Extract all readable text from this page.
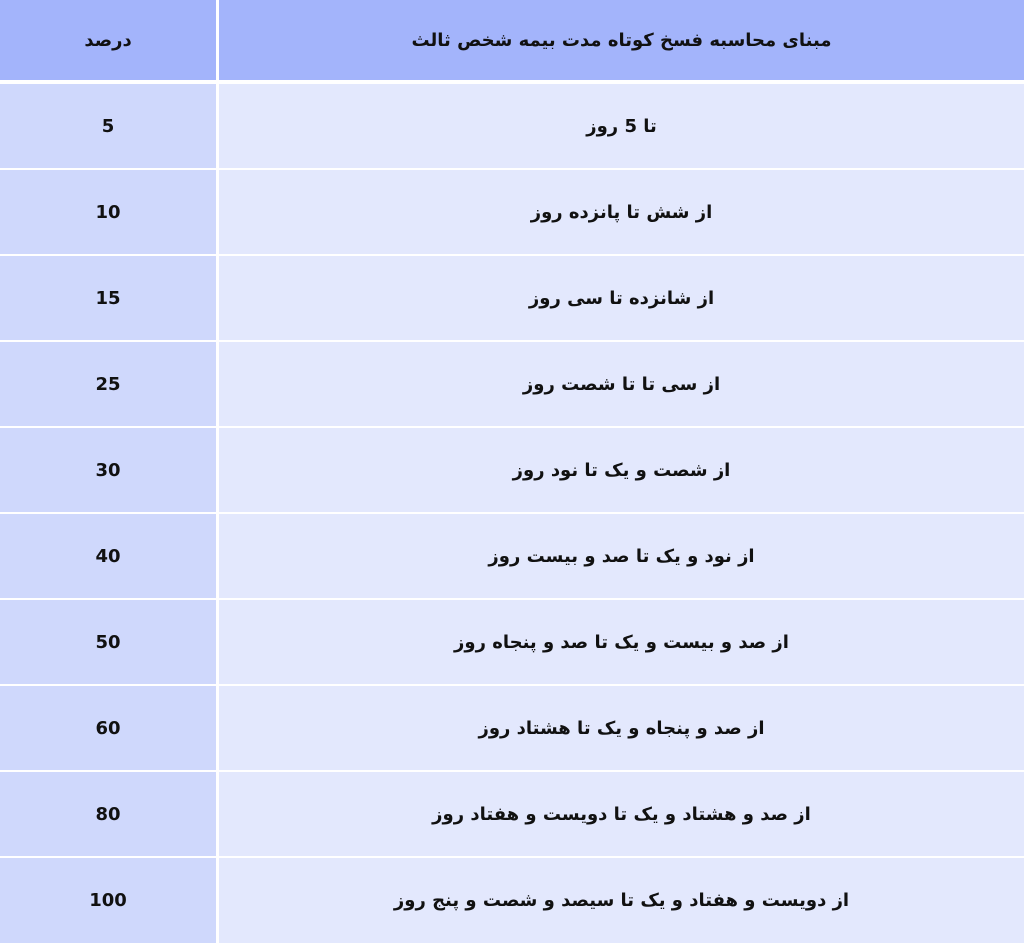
درصد	مبنای محاسبه فسخ کوتاه مدت بیمه شخص ثالث
5	تا 5 روز
10	از شش تا پانزده روز
15	از شانزده تا سی روز
25	از سی تا تا شصت روز
30	از شصت و یک تا نود روز
40	از نود و یک تا صد و بیست روز
50	از صد و بیست و یک تا صد و پنجاه روز
60	از صد و پنجاه و یک تا هشتاد روز
80	از صد و هشتاد و یک تا دویست و هفتاد روز
100	از دویست و هفتاد و یک تا سیصد و شصت و پنج روز
